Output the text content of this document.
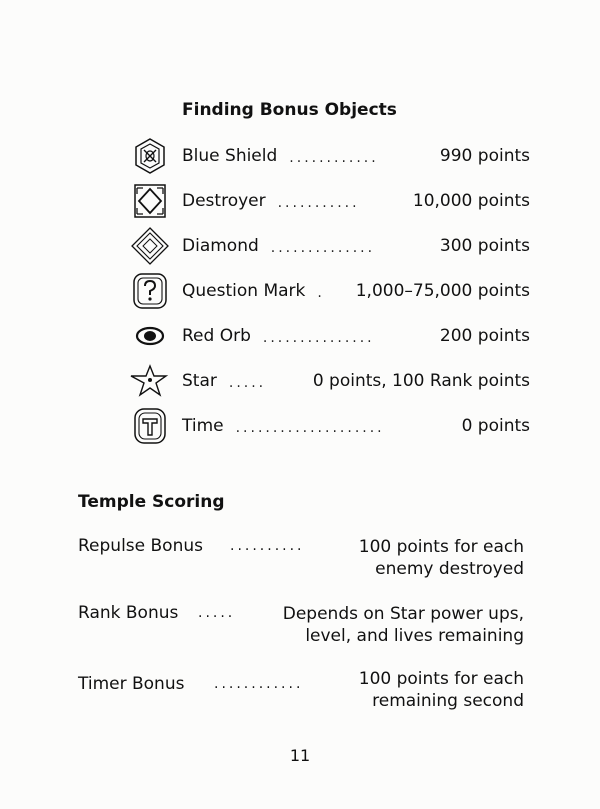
Finding Bonus Objects
Blue Shield ............	990 points
Destroyer ...........	10,000 points
Diamond ..............	300 points
Question Mark .	1,000–75,000 points
Red Orb ...............	200 points
Star .....	0 points, 100 Rank points
Time ....................	0 points
Temple Scoring
Repulse Bonus ..........	100 points for each
enemy destroyed
Rank Bonus .....	Depends on Star power ups,
level, and lives remaining
Timer Bonus ............	100 points for each
remaining second
11
